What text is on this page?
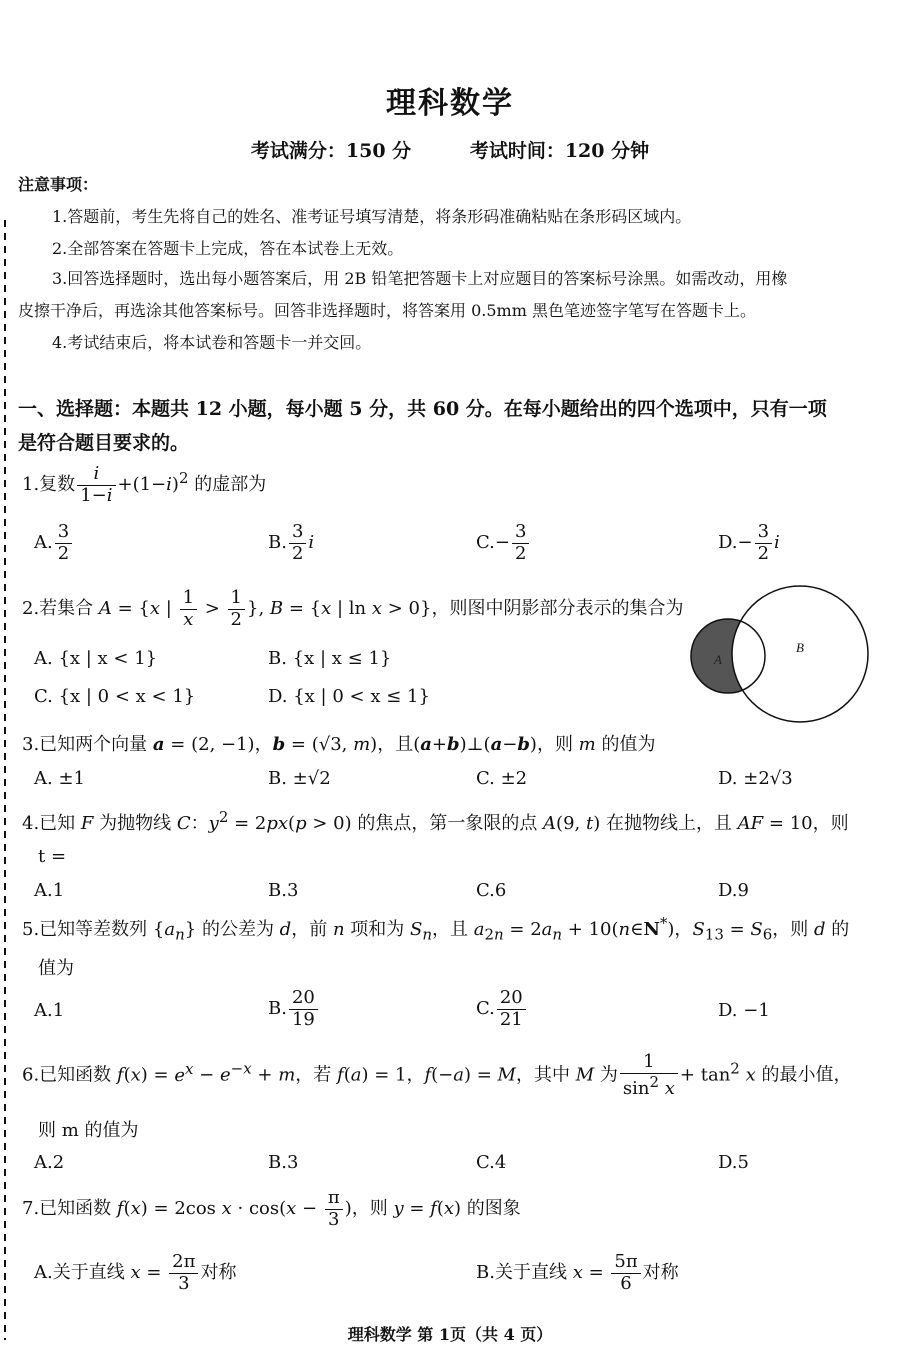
理科数学
考试满分：150 分	考试时间：120 分钟
注意事项：
1.答题前，考生先将自己的姓名、准考证号填写清楚，将条形码准确粘贴在条形码区域内。
2.全部答案在答题卡上完成，答在本试卷上无效。
3.回答选择题时，选出每小题答案后，用 2B 铅笔把答题卡上对应题目的答案标号涂黑。如需改动，用橡
皮擦干净后，再选涂其他答案标号。回答非选择题时，将答案用 0.5mm 黑色笔迹签字笔写在答题卡上。
4.考试结束后，将本试卷和答题卡一并交回。
一、选择题：本题共 12 小题，每小题 5 分，共 60 分。在每小题给出的四个选项中，只有一项
是符合题目要求的。
1.复数 $\frac{i}{1-i} +(1-i)^2$ 的虚部为
A. $\frac{3}{2}$	B. $\frac{3}{2}$ i	$C.- \frac{3}{2}$	$D.- \frac{3}{2}$ i
2.若集合 A = {x | $\frac{1}{x} > \frac{1}{2}$ }, B = {x | ln x > 0}，则图中阴影部分表示的集合为
A. {x | x < 1}	B. {x | x ≤ 1}
C. {x | 0 < x < 1}	D. {x | 0 < x ≤ 1}
A
B
3.已知两个向量 a = (2, −1)，b = (√3, m)，且(a+b)⊥(a−b)，则 m 的值为
A. ±1	B. ±√2	C. ±2	D. ±2√3
4.已知 F 为抛物线 C：$y^2 = 2px(p > 0)$ 的焦点，第一象限的点 A(9, t) 在抛物线上，且 AF = 10，则
t =
A.1	B.3	C.6	D.9
5.已知等差数列 $\{a_n\}$ 的公差为 d，前 n 项和为 $S_n$，且 $a_{2n} = 2a_n$ + 10(n∈N*)，$S_{13} = S_6$，则 d 的
值为
A.1	B. $\frac{20}{19}$	C. $\frac{20}{21}$	D. −1
6.已知函数 $f(x) = e^x - e^{-x} + m$，若 f(a) = 1，f(−a) = M，其中 M 为 $\frac{1}{\sin^2 x} + \tan^2 x$ 的最小值，
则 m 的值为
A.2	B.3	C.4	D.5
7.已知函数 f(x) = 2cos $x \cdot \cos(x - \frac{\pi}{3}$ )，则 y = f(x) 的图象
A.关于直线 $x = \frac{2\pi}{3}$ 对称	B.关于直线 $x = \frac{5\pi}{6}$ 对称
理科数学 第 1页（共 4 页）
